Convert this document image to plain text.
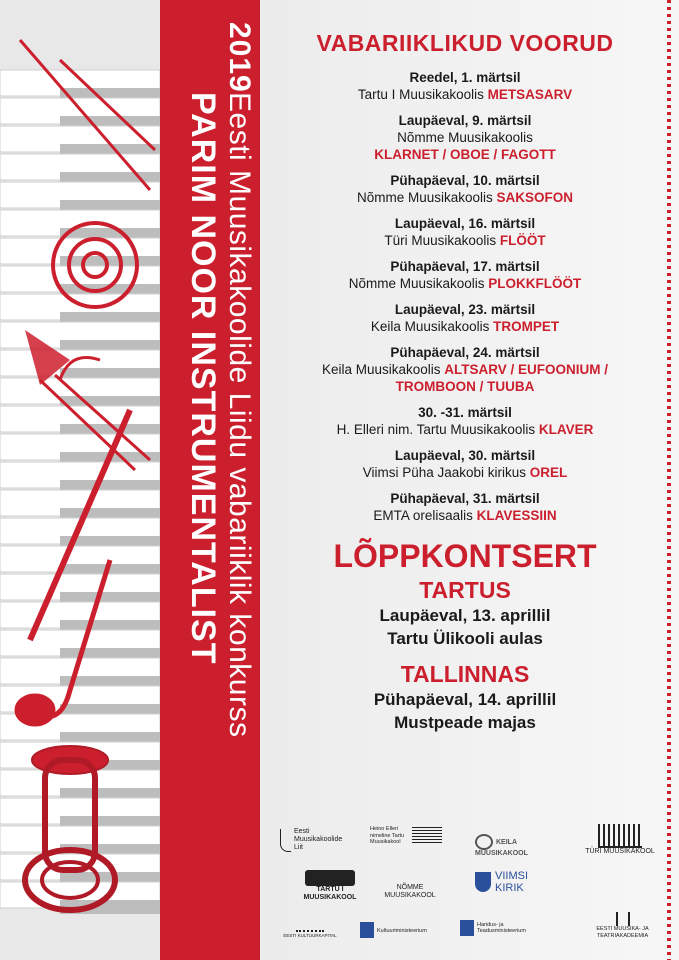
2019
Eesti Muusikakoolide Liidu vabariiklik konkurss
PARIM NOOR INSTRUMENTALIST
VABARIIKLIKUD VOORUD
Reedel, 1. märtsil
Tartu I Muusikakoolis METSASARV
Laupäeval, 9. märtsil
Nõmme Muusikakoolis
KLARNET / OBOE / FAGOTT
Pühapäeval, 10. märtsil
Nõmme Muusikakoolis SAKSOFON
Laupäeval, 16. märtsil
Türi Muusikakoolis FLÖÖT
Pühapäeval, 17. märtsil
Nõmme Muusikakoolis PLOKKFLÖÖT
Laupäeval, 23. märtsil
Keila Muusikakoolis TROMPET
Pühapäeval, 24. märtsil
Keila Muusikakoolis ALTSARV / EUFOONIUM /
TROMBOON / TUUBA
30. -31. märtsil
H. Elleri nim. Tartu Muusikakoolis KLAVER
Laupäeval, 30. märtsil
Viimsi Püha Jaakobi kirikus OREL
Pühapäeval, 31. märtsil
EMTA orelisaalis KLAVESSIIN
LÕPPKONTSERT
TARTUS
Laupäeval, 13. aprillil
Tartu Ülikooli aulas
TALLINNAS
Pühapäeval, 14. aprillil
Mustpeade majas
Eesti Muusikakoolide Liit
Heino Elleri nimeline Tartu Muusikakool	KEILA MUUSIKAKOOL	TÜRI MUUSIKAKOOL
TARTU I MUUSIKAKOOL
NÕMME MUUSIKAKOOL
VIIMSI
KIRIK
EESTI KULTUURKAPITAL
Kultuuriministeerium
Haridus- ja Teadusministeerium	EESTI MUUSIKA- JA TEATRIAKADEEMIA
